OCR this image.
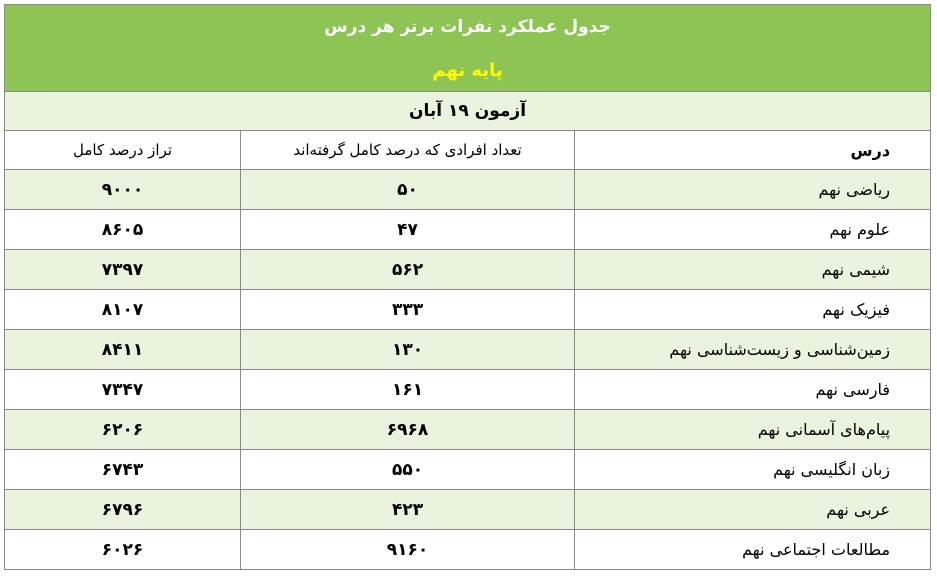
جدول عملکرد نفرات برتر هر درس		
پایه نهم		
آزمون ۱۹ آبان		
درس	تعداد افرادی که درصد کامل گرفته‌اند	تراز درصد کامل
ریاضی نهم	۵۰	۹۰۰۰
علوم نهم	۴۷	۸۶۰۵
شیمی نهم	۵۶۲	۷۳۹۷
فیزیک نهم	۳۳۳	۸۱۰۷
زمین‌شناسی و زیست‌شناسی نهم	۱۳۰	۸۴۱۱
فارسی نهم	۱۶۱	۷۳۴۷
پیام‌های آسمانی نهم	۶۹۶۸	۶۲۰۶
زبان انگلیسی نهم	۵۵۰	۶۷۴۳
عربی نهم	۴۲۳	۶۷۹۶
مطالعات اجتماعی نهم	۹۱۶۰	۶۰۲۶
